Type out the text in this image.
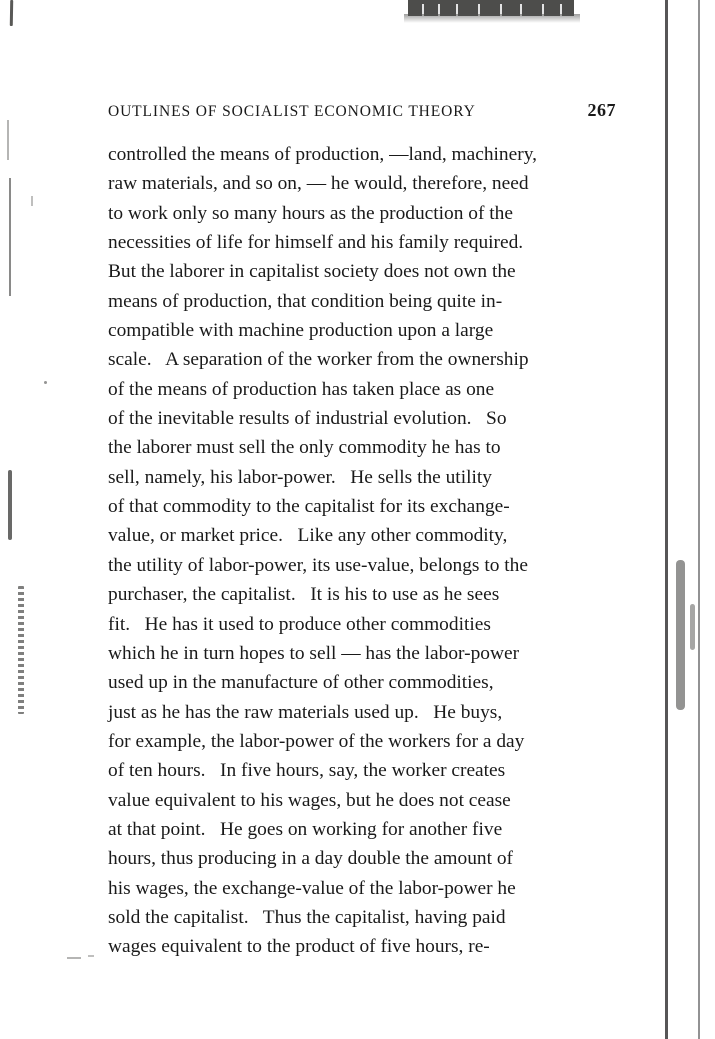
OUTLINES OF SOCIALIST ECONOMIC THEORY	267
controlled the means of production, —land, machinery,
raw materials, and so on, — he would, therefore, need
to work only so many hours as the production of the
necessities of life for himself and his family required.
But the laborer in capitalist society does not own the
means of production, that condition being quite in-
compatible with machine production upon a large
scale.   A separation of the worker from the ownership
of the means of production has taken place as one
of the inevitable results of industrial evolution.   So
the laborer must sell the only commodity he has to
sell, namely, his labor-power.   He sells the utility
of that commodity to the capitalist for its exchange-
value, or market price.   Like any other commodity,
the utility of labor-power, its use-value, belongs to the
purchaser, the capitalist.   It is his to use as he sees
fit.   He has it used to produce other commodities
which he in turn hopes to sell — has the labor-power
used up in the manufacture of other commodities,
just as he has the raw materials used up.   He buys,
for example, the labor-power of the workers for a day
of ten hours.   In five hours, say, the worker creates
value equivalent to his wages, but he does not cease
at that point.   He goes on working for another five
hours, thus producing in a day double the amount of
his wages, the exchange-value of the labor-power he
sold the capitalist.   Thus the capitalist, having paid
wages equivalent to the product of five hours, re-
